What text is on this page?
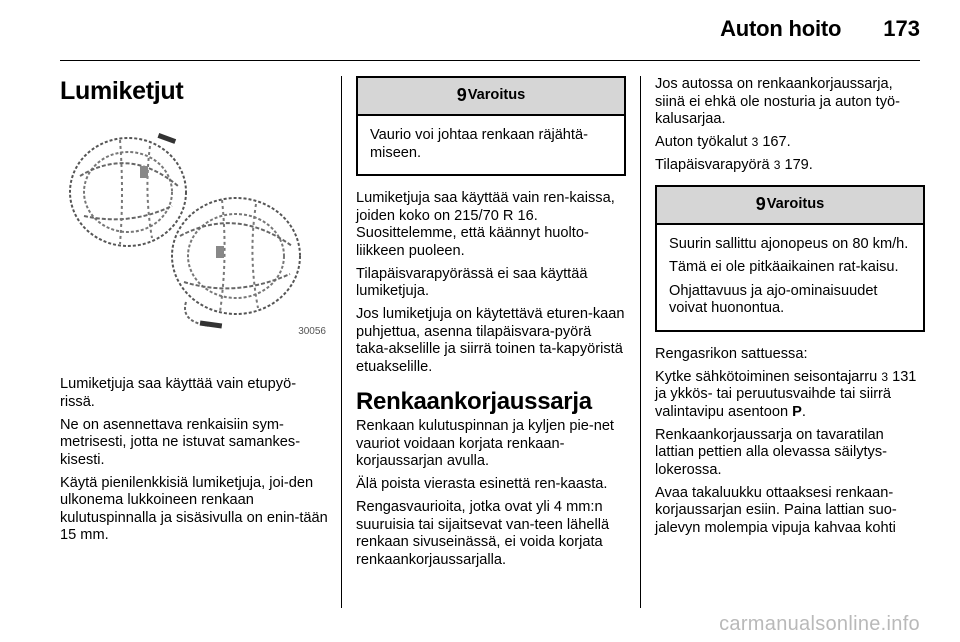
Auton hoito 173
Lumiketjut
30056

Lumiketjuja saa käyttää vain etupyö-rissä.

Ne on asennettava renkaisiin sym-metrisesti, jotta ne istuvat samankes-kisesti.

Käytä pienilenkkisiä lumiketjuja, joi-den ulkonema lukkoineen renkaan kulutuspinnalla ja sisäsivulla on enin-tään 15 mm.

9 Varoitus

Vaurio voi johtaa renkaan räjähtä-miseen.

Lumiketjuja saa käyttää vain ren-kaissa, joiden koko on 215/70 R 16. Suosittelemme, että käännyt huolto-liikkeen puoleen.

Tilapäisvarapyörässä ei saa käyttää lumiketjuja.

Jos lumiketjuja on käytettävä eturen-kaan puhjettua, asenna tilapäisvara-pyörä taka-akselille ja siirrä toinen ta-kapyöristä etuakselille.

Renkaankorjaussarja

Renkaan kulutuspinnan ja kyljen pie-net vauriot voidaan korjata renkaan-korjaussarjan avulla.

Älä poista vierasta esinettä ren-kaasta.

Rengasvaurioita, jotka ovat yli 4 mm:n suuruisia tai sijaitsevat van-teen lähellä renkaan sivuseinässä, ei voida korjata renkaankorjaussarjalla.

Jos autossa on renkaankorjaussarja, siinä ei ehkä ole nosturia ja auton työ-kalusarjaa.

Auton työkalut 3 167.

Tilapäisvarapyörä 3 179.

9 Varoitus

Suurin sallittu ajonopeus on 80 km/h.

Tämä ei ole pitkäaikainen rat-kaisu.

Ohjattavuus ja ajo-ominaisuudet voivat huonontua.

Rengasrikon sattuessa:

Kytke sähkötoiminen seisontajarru 3 131 ja ykkös- tai peruutusvaihde tai siirrä valintavipu asentoon P.

Renkaankorjaussarja on tavaratilan lattian pettien alla olevassa säilytys-lokerossa.

Avaa takaluukku ottaaksesi renkaan-korjaussarjan esiin. Paina lattian suo-jalevyn molempia vipuja kahvaa kohti

carmanualsonline.info
